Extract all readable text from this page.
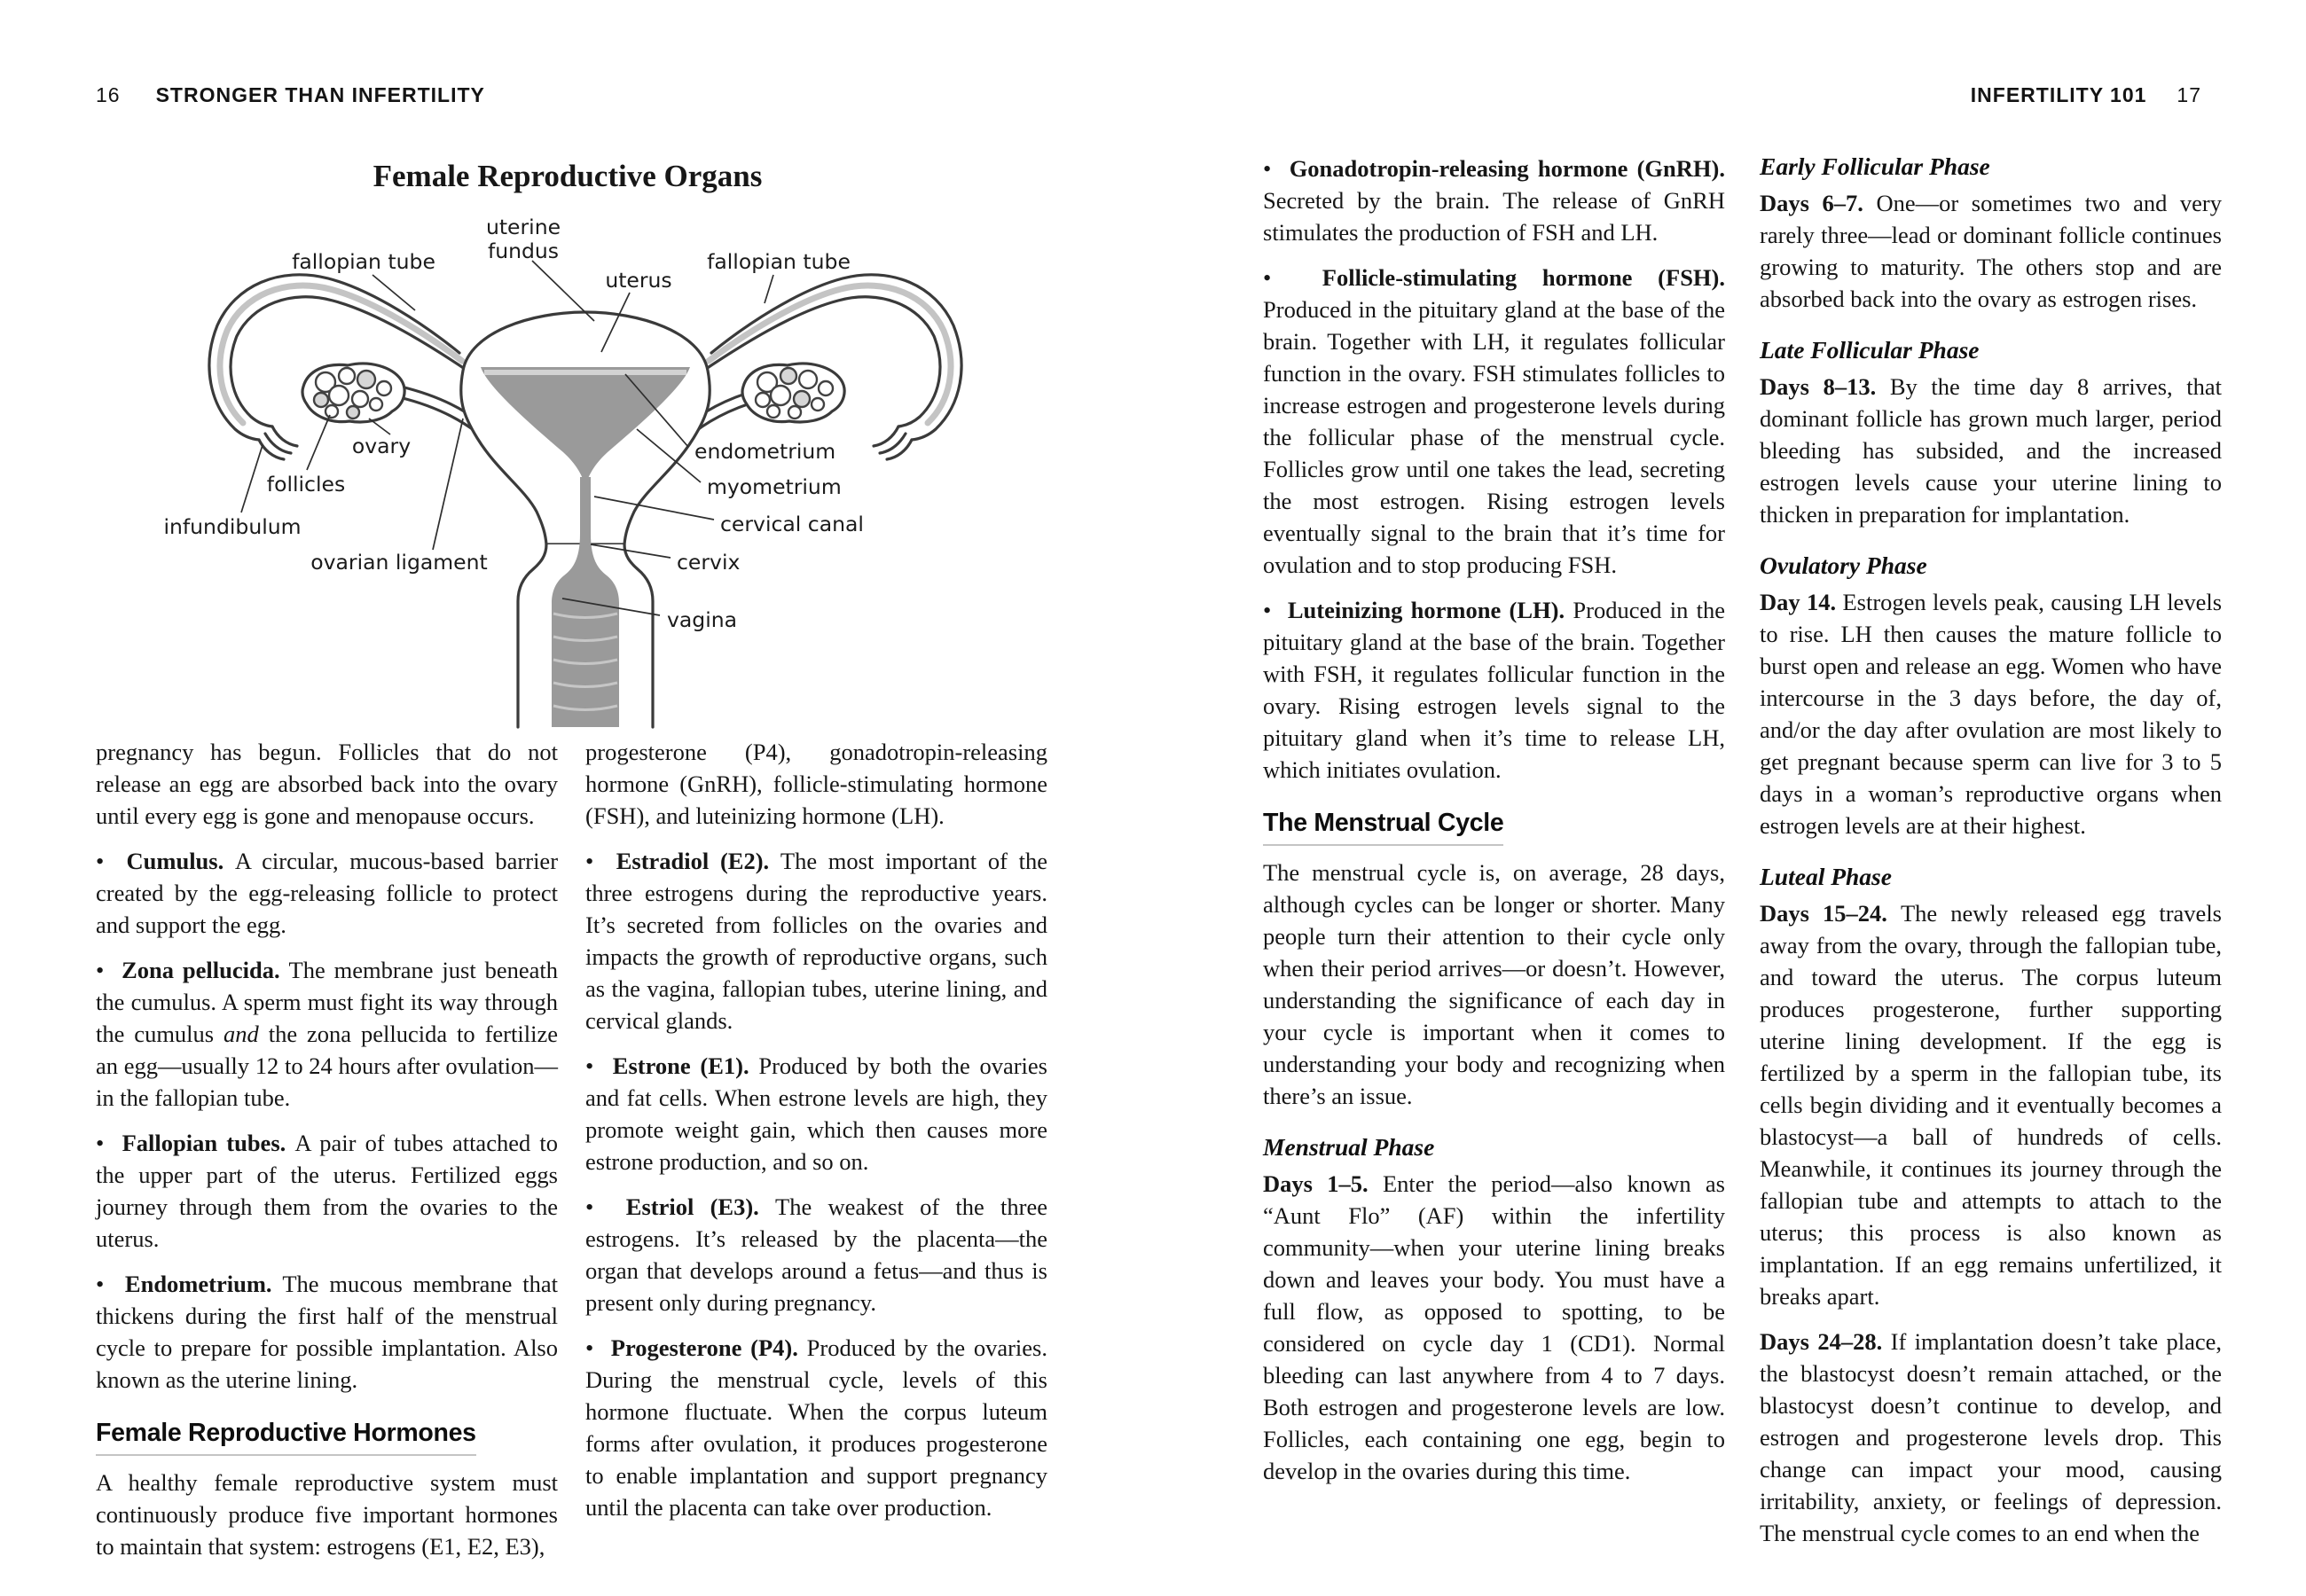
16 STRONGER THAN INFERTILITY
Female Reproductive Organs
uterine
fundus
fallopian tube	fallopian tube
uterus
ovary
follicles
infundibulum
ovarian ligament
endometrium
myometrium
cervical canal
cervix
vagina

pregnancy has begun. Follicles that do not release an egg are absorbed back into the ovary until every egg is gone and menopause occurs.

•  Cumulus. A circular, mucous-based barrier created by the egg-releasing follicle to protect and support the egg.

•  Zona pellucida. The membrane just beneath the cumulus. A sperm must fight its way through the cumulus and the zona pellucida to fertilize an egg—usually 12 to 24 hours after ovulation—in the fallopian tube.

•  Fallopian tubes. A pair of tubes attached to the upper part of the uterus. Fertilized eggs journey through them from the ovaries to the uterus.

•  Endometrium. The mucous membrane that thickens during the first half of the menstrual cycle to prepare for possible implantation. Also known as the uterine lining.

Female Reproductive Hormones

A healthy female reproductive system must continuously produce five important hormones to maintain that system: estrogens (E1, E2, E3),

progesterone (P4), gonadotropin-releasing hormone (GnRH), follicle-stimulating hormone (FSH), and luteinizing hormone (LH).

•  Estradiol (E2). The most important of the three estrogens during the reproductive years. It’s secreted from follicles on the ovaries and impacts the growth of reproductive organs, such as the vagina, fallopian tubes, uterine lining, and cervical glands.

•  Estrone (E1). Produced by both the ovaries and fat cells. When estrone levels are high, they promote weight gain, which then causes more estrone production, and so on.

•  Estriol (E3). The weakest of the three estrogens. It’s released by the placenta—the organ that develops around a fetus—and thus is present only during pregnancy.

•  Progesterone (P4). Produced by the ovaries. During the menstrual cycle, levels of this hormone fluctuate. When the corpus luteum forms after ovulation, it produces progesterone to enable implantation and support pregnancy until the placenta can take over production.

INFERTILITY 101 17

•  Gonadotropin-releasing hormone (GnRH). Secreted by the brain. The release of GnRH stimulates the production of FSH and LH.

•  Follicle-stimulating hormone (FSH). Produced in the pituitary gland at the base of the brain. Together with LH, it regulates follicular function in the ovary. FSH stimulates follicles to increase estrogen and progesterone levels during the follicular phase of the menstrual cycle. Follicles grow until one takes the lead, secreting the most estrogen. Rising estrogen levels eventually signal to the brain that it’s time for ovulation and to stop producing FSH.

•  Luteinizing hormone (LH). Produced in the pituitary gland at the base of the brain. Together with FSH, it regulates follicular function in the ovary. Rising estrogen levels signal to the pituitary gland when it’s time to release LH, which initiates ovulation.

The Menstrual Cycle

The menstrual cycle is, on average, 28 days, although cycles can be longer or shorter. Many people turn their attention to their cycle only when their period arrives—or doesn’t. However, understanding the significance of each day in your cycle is important when it comes to understanding your body and recognizing when there’s an issue.

Menstrual Phase

Days 1–5. Enter the period—also known as “Aunt Flo” (AF) within the infertility community—when your uterine lining breaks down and leaves your body. You must have a full flow, as opposed to spotting, to be considered on cycle day 1 (CD1). Normal bleeding can last anywhere from 4 to 7 days. Both estrogen and progesterone levels are low. Follicles, each containing one egg, begin to develop in the ovaries during this time.

Early Follicular Phase

Days 6–7. One—or sometimes two and very rarely three—lead or dominant follicle continues growing to maturity. The others stop and are absorbed back into the ovary as estrogen rises.

Late Follicular Phase

Days 8–13. By the time day 8 arrives, that dominant follicle has grown much larger, period bleeding has subsided, and the increased estrogen levels cause your uterine lining to thicken in preparation for implantation.

Ovulatory Phase

Day 14. Estrogen levels peak, causing LH levels to rise. LH then causes the mature follicle to burst open and release an egg. Women who have intercourse in the 3 days before, the day of, and/or the day after ovulation are most likely to get pregnant because sperm can live for 3 to 5 days in a woman’s reproductive organs when estrogen levels are at their highest.

Luteal Phase

Days 15–24. The newly released egg travels away from the ovary, through the fallopian tube, and toward the uterus. The corpus luteum produces progesterone, further supporting uterine lining development. If the egg is fertilized by a sperm in the fallopian tube, its cells begin dividing and it eventually becomes a blastocyst—a ball of hundreds of cells. Meanwhile, it continues its journey through the fallopian tube and attempts to attach to the uterus; this process is also known as implantation. If an egg remains unfertilized, it breaks apart.

Days 24–28. If implantation doesn’t take place, the blastocyst doesn’t remain attached, or the blastocyst doesn’t continue to develop, and estrogen and progesterone levels drop. This change can impact your mood, causing irritability, anxiety, or feelings of depression. The menstrual cycle comes to an end when the
